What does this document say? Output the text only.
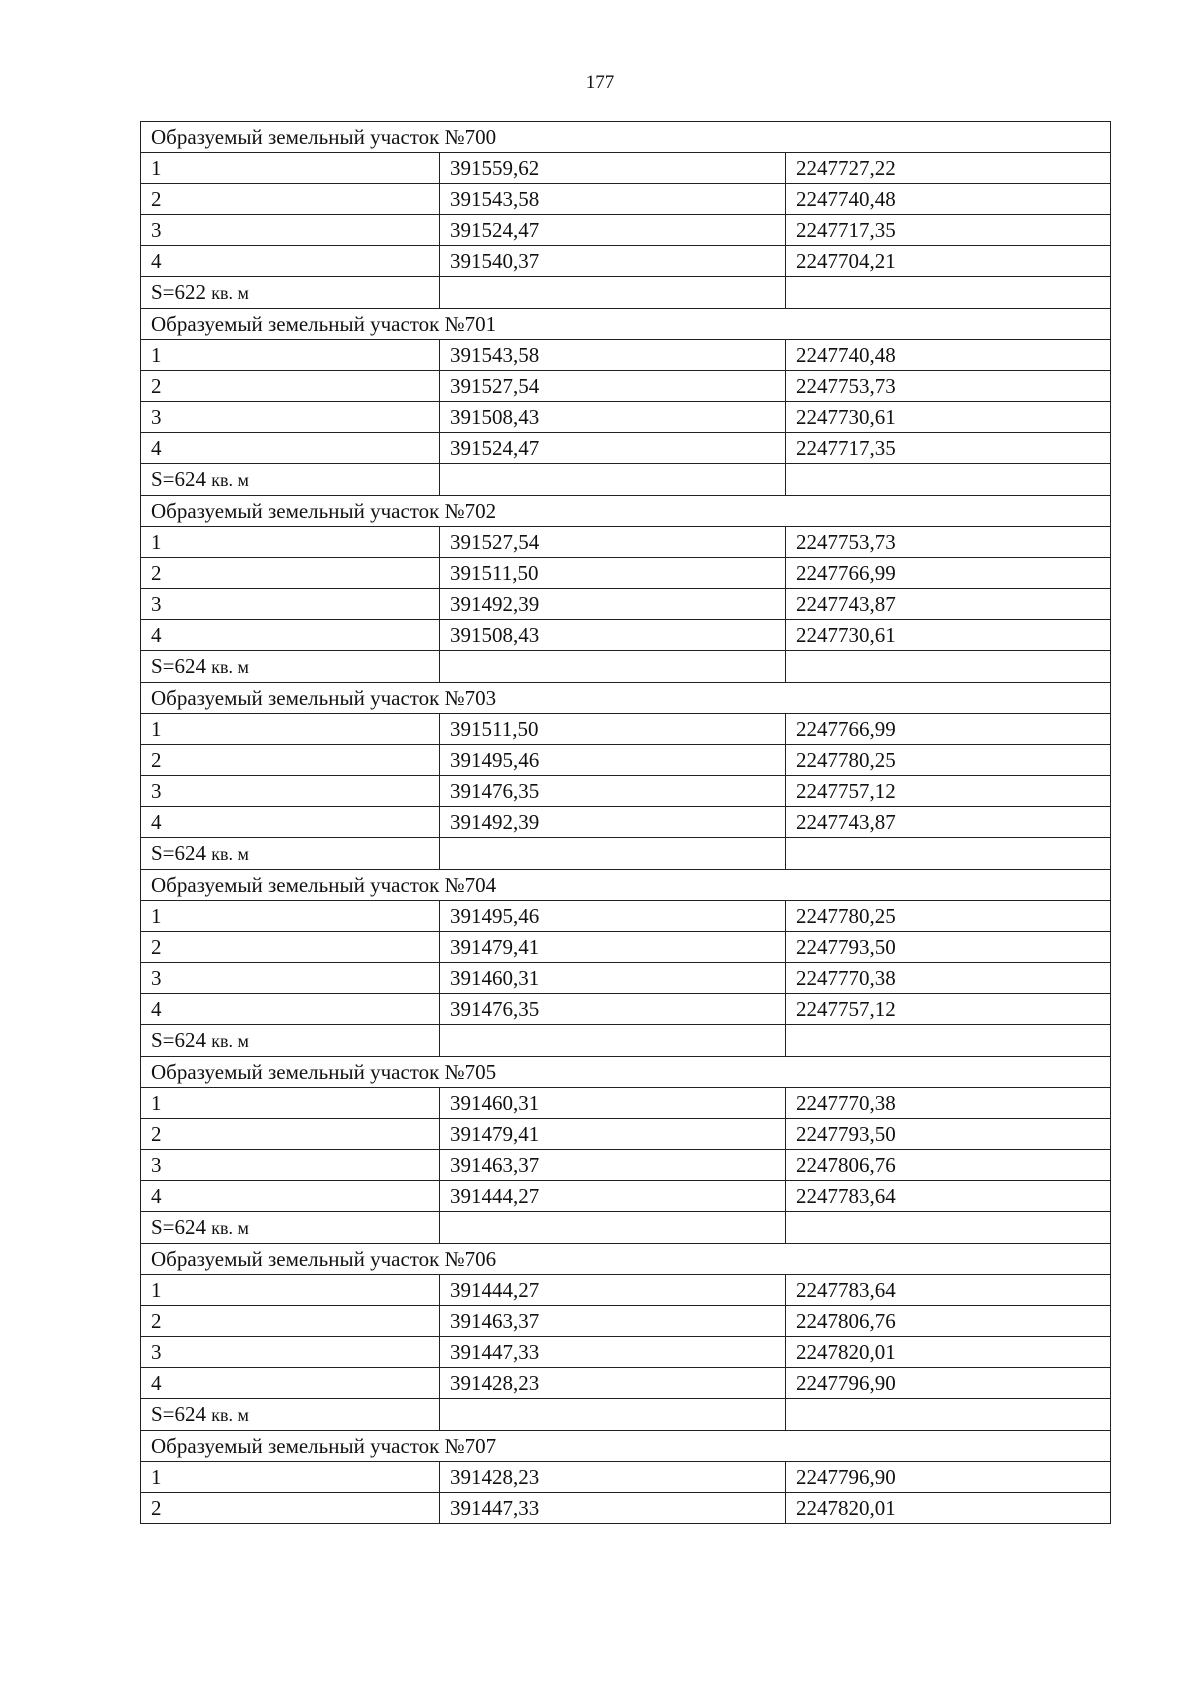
177
Образуемый земельный участок №700		
1	391559,62	2247727,22
2	391543,58	2247740,48
3	391524,47	2247717,35
4	391540,37	2247704,21
S=622 кв. м		
Образуемый земельный участок №701		
1	391543,58	2247740,48
2	391527,54	2247753,73
3	391508,43	2247730,61
4	391524,47	2247717,35
S=624 кв. м		
Образуемый земельный участок №702		
1	391527,54	2247753,73
2	391511,50	2247766,99
3	391492,39	2247743,87
4	391508,43	2247730,61
S=624 кв. м		
Образуемый земельный участок №703		
1	391511,50	2247766,99
2	391495,46	2247780,25
3	391476,35	2247757,12
4	391492,39	2247743,87
S=624 кв. м		
Образуемый земельный участок №704		
1	391495,46	2247780,25
2	391479,41	2247793,50
3	391460,31	2247770,38
4	391476,35	2247757,12
S=624 кв. м		
Образуемый земельный участок №705		
1	391460,31	2247770,38
2	391479,41	2247793,50
3	391463,37	2247806,76
4	391444,27	2247783,64
S=624 кв. м		
Образуемый земельный участок №706		
1	391444,27	2247783,64
2	391463,37	2247806,76
3	391447,33	2247820,01
4	391428,23	2247796,90
S=624 кв. м		
Образуемый земельный участок №707		
1	391428,23	2247796,90
2	391447,33	2247820,01
